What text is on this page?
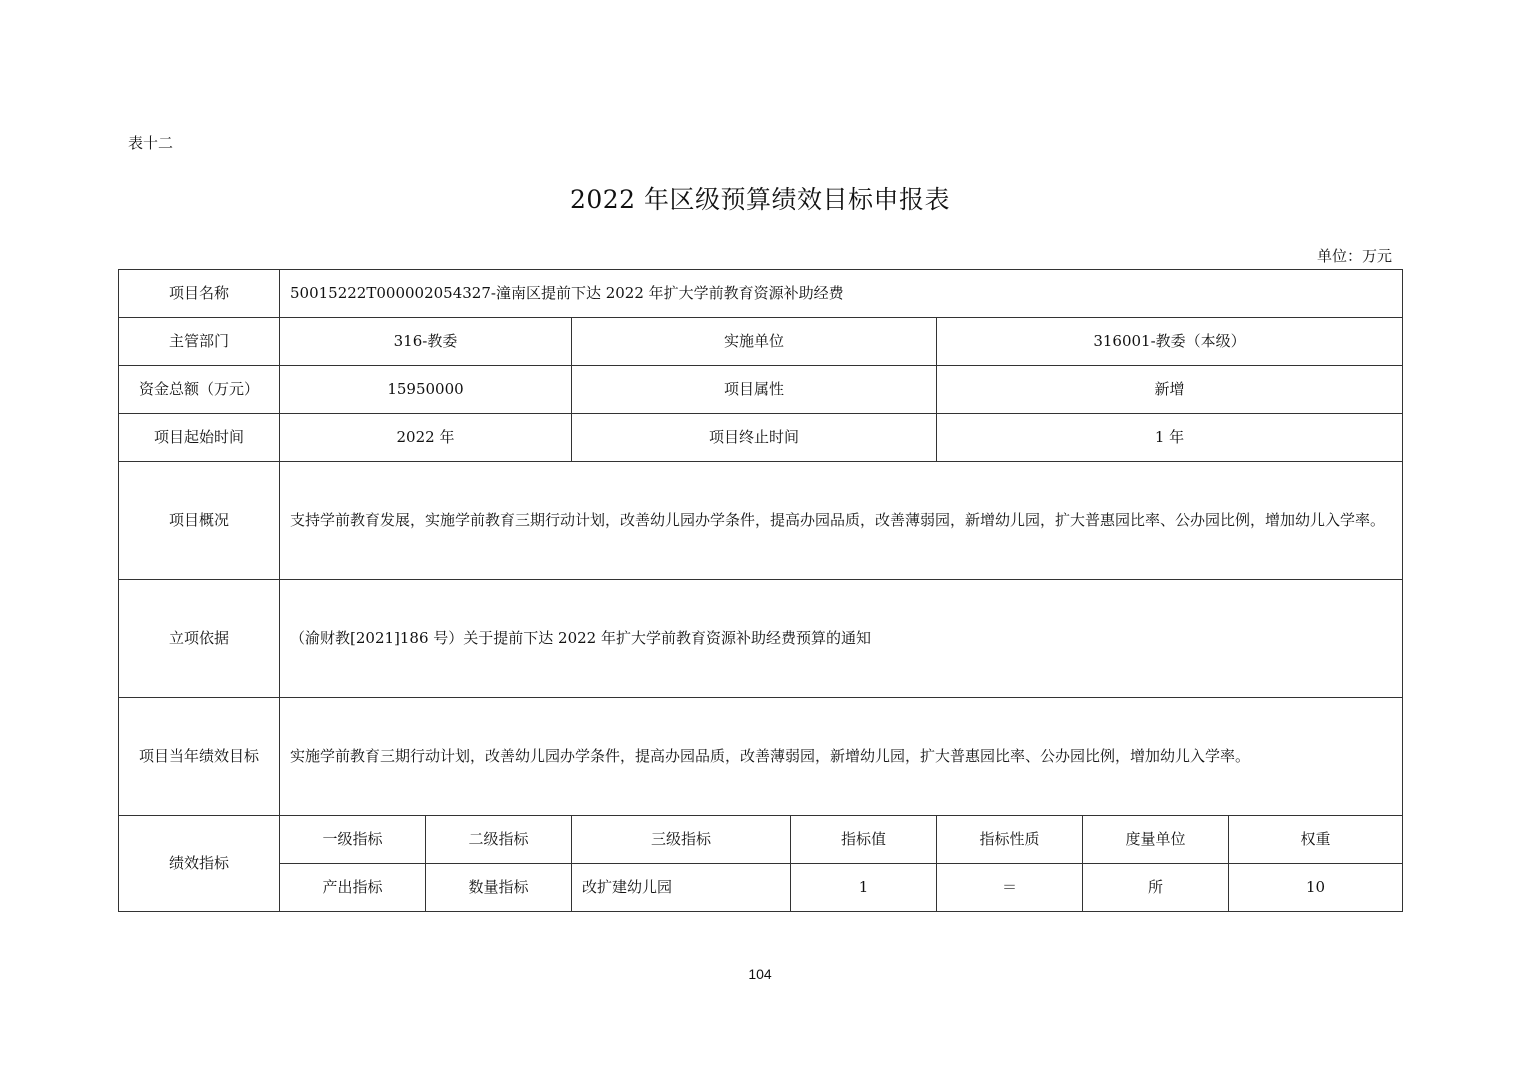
表十二
2022 年区级预算绩效目标申报表
单位：万元
项目名称	50015222T000002054327-潼南区提前下达 2022 年扩大学前教育资源补助经费						
主管部门	316-教委		实施单位		316001-教委（本级）		
资金总额（万元）	15950000		项目属性		新增		
项目起始时间	2022 年		项目终止时间		1 年		
项目概况	支持学前教育发展，实施学前教育三期行动计划，改善幼儿园办学条件，提高办园品质，改善薄弱园，新增幼儿园，扩大普惠园比率、公办园比例，增加幼儿入学率。						
立项依据	（渝财教[2021]186 号）关于提前下达 2022 年扩大学前教育资源补助经费预算的通知						
项目当年绩效目标	实施学前教育三期行动计划，改善幼儿园办学条件，提高办园品质，改善薄弱园，新增幼儿园，扩大普惠园比率、公办园比例，增加幼儿入学率。						
绩效指标	一级指标	二级指标	三级指标	指标值	指标性质	度量单位	权重
	产出指标	数量指标	改扩建幼儿园	1	＝	所	10
104
